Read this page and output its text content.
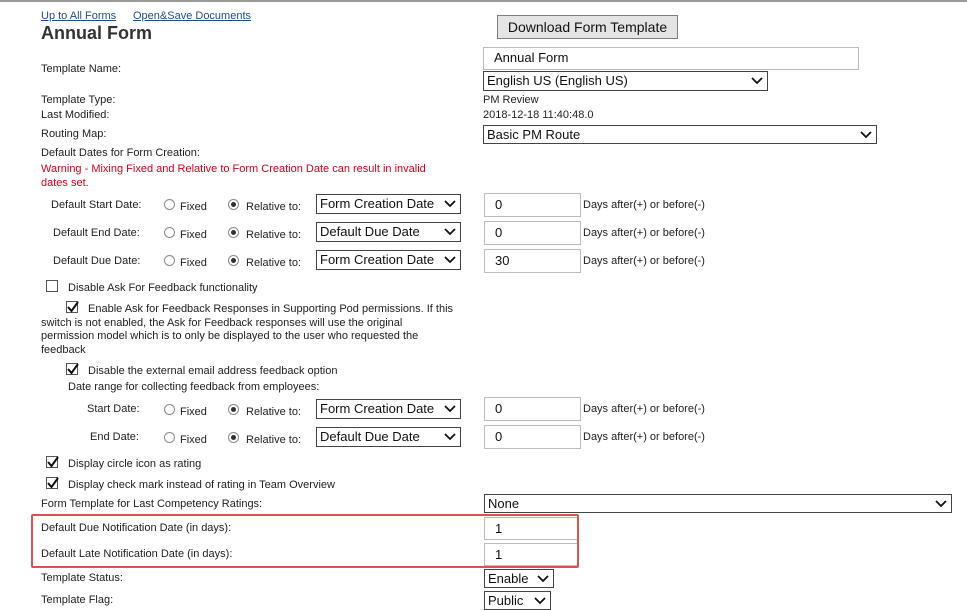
Up to All Forms Open&Save Documents
Annual Form	Download Form Template
Template Name:
Annual Form
English US (English US)
Template Type:	PM Review
Last Modified:	2018-12-18 11:40:48.0
Routing Map:	Basic PM Route
Default Dates for Form Creation:
Warning - Mixing Fixed and Relative to Form Creation Date can result in invalid
dates set.
Default Start Date:	Fixed	Relative to:	Form Creation Date	0	Days after(+) or before(-)
Default End Date:	Fixed	Relative to:	Default Due Date	0	Days after(+) or before(-)
Default Due Date:	Fixed	Relative to:	Form Creation Date	30	Days after(+) or before(-)
Disable Ask For Feedback functionality
Enable Ask for Feedback Responses in Supporting Pod permissions. If this
switch is not enabled, the Ask for Feedback responses will use the original
permission model which is to only be displayed to the user who requested the
feedback
Disable the external email address feedback option
Date range for collecting feedback from employees:
Start Date:	Fixed	Relative to:	Form Creation Date	0	Days after(+) or before(-)
End Date:	Fixed	Relative to:	Default Due Date	0	Days after(+) or before(-)
Display circle icon as rating
Display check mark instead of rating in Team Overview
Form Template for Last Competency Ratings:	None
Default Due Notification Date (in days):	1
Default Late Notification Date (in days):	1
Template Status:	Enable
Template Flag:	Public
